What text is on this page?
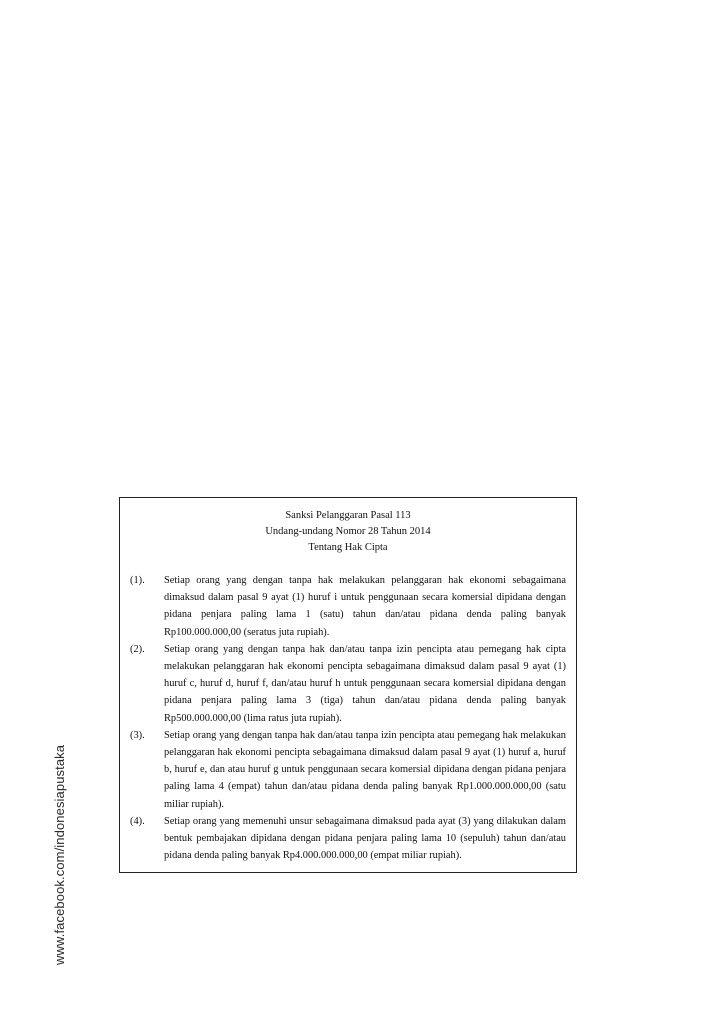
www.facebook.com/indonesiapustaka
Sanksi Pelanggaran Pasal 113
Undang-undang Nomor 28 Tahun 2014
Tentang Hak Cipta
(1).	Setiap orang yang dengan tanpa hak melakukan pelanggaran hak ekonomi sebagaimana dimaksud dalam pasal 9 ayat (1) huruf i untuk penggunaan secara komersial dipidana dengan pidana penjara paling lama 1 (satu) tahun dan/atau pidana denda paling banyak Rp100.000.000,00 (seratus juta rupiah).

(2).	Setiap orang yang dengan tanpa hak dan/atau tanpa izin pencipta atau pemegang hak cipta melakukan pelanggaran hak ekonomi pencipta sebagaimana dimaksud dalam pasal 9 ayat (1) huruf c, huruf d, huruf f, dan/atau huruf h untuk penggunaan secara komersial dipidana dengan pidana penjara paling lama 3 (tiga) tahun dan/atau pidana denda paling banyak Rp500.000.000,00 (lima ratus juta rupiah).

(3).	Setiap orang yang dengan tanpa hak dan/atau tanpa izin pencipta atau pemegang hak melakukan pelanggaran hak ekonomi pencipta sebagaimana dimaksud dalam pasal 9 ayat (1) huruf a, huruf b, huruf e, dan atau huruf g untuk penggunaan secara komersial dipidana dengan pidana penjara paling lama 4 (empat) tahun dan/atau pidana denda paling banyak Rp1.000.000.000,00 (satu miliar rupiah).

(4).	Setiap orang yang memenuhi unsur sebagaimana dimaksud pada ayat (3) yang dilakukan dalam bentuk pembajakan dipidana dengan pidana penjara paling lama 10 (sepuluh) tahun dan/atau pidana denda paling banyak Rp4.000.000.000,00 (empat miliar rupiah).
